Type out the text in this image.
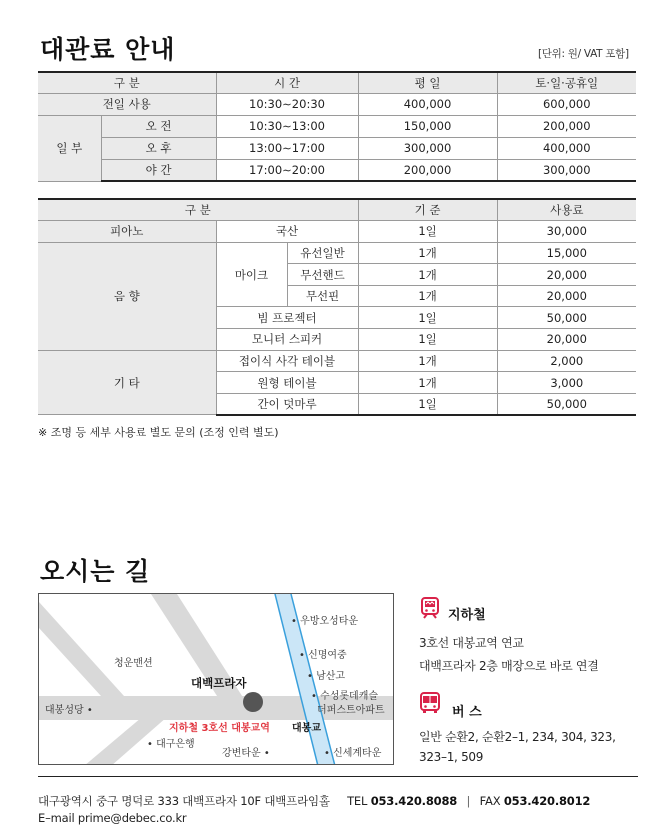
대관료 안내	[단위: 원/ VAT 포함]
구 분		시 간	평 일	토·일·공휴일
전일 사용		10:30∼20:30	400,000	600,000
일 부	오 전	10:30∼13:00	150,000	200,000
	오 후	13:00∼17:00	300,000	400,000
	야 간	17:00∼20:00	200,000	300,000
구 분			기 준	사용료
피아노	국산		1일	30,000
음 향	마이크	유선일반	1개	15,000
		무선핸드	1개	20,000
		무선핀	1개	20,000
	빔 프로젝터		1일	50,000
	모니터 스피커		1일	20,000
기 타	접이식 사각 테이블		1개	2,000
	원형 테이블		1개	3,000
	간이 덧마루		1일	50,000
※ 조명 등 세부 사용료 별도 문의 (조정 인력 별도)
오시는 길
• 우방오성타운
청운맨션
• 신명여중
• 남산고
• 수성롯데캐슬
더퍼스트아파트
대백프라자
대봉성당 •
지하철 3호선 대봉교역 대봉교
• 대구은행
강변타운 •	• 신세계타운
지하철
3호선 대봉교역 연교
대백프라자 2층 매장으로 바로 연결
버 스
일반 순환2, 순환2–1, 234, 304, 323,
323–1, 509
대구광역시 중구 명덕로 333 대백프라자 10F 대백프라임홀 TEL 053.420.8088 | FAX 053.420.8012
E–mail prime@debec.co.kr
